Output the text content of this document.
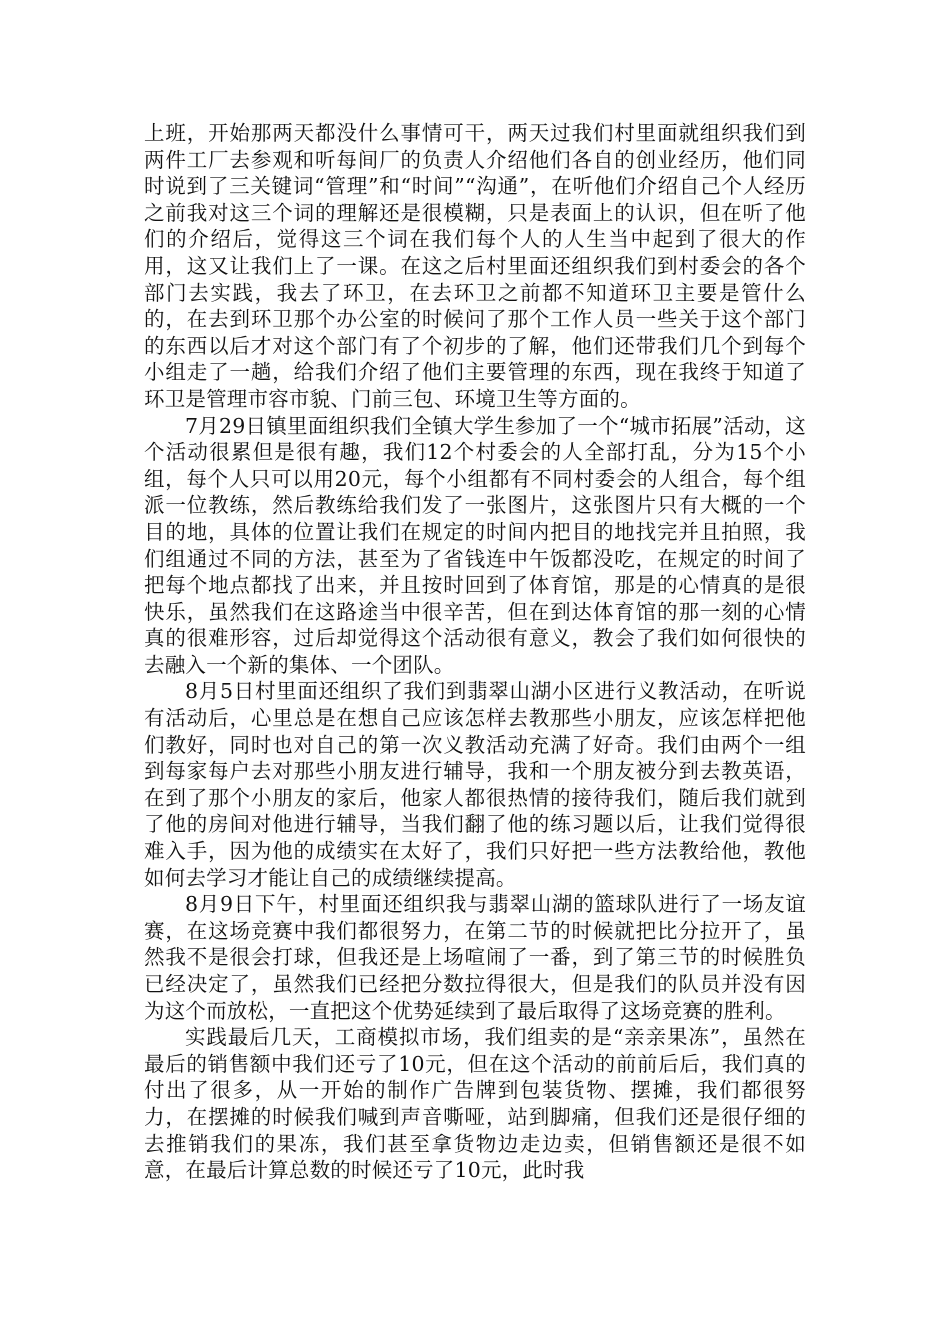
上班，开始那两天都没什么事情可干，两天过我们村里面就组织我们到 两件工厂去参观和听每间厂的负责人介绍他们各自的创业经历，他们同时说到了三关键词“管理”和“时间”“沟通”，在听他们介绍自己个人经历之前我对这三个词的理解还是很模糊，只是表面上的认识，但在听了他们的介绍后，觉得这三个词在我们每个人的人生当中起到了很大的作用，这又让我们上了一课。在这之后村里面还组织我们到村委会的各个部门去实践，我去了环卫，在去环卫之前都不知道环卫主要是管什么的，在去到环卫那个办公室的时候问了那个工作人员一些关于这个部门的东西以后才对这个部门有了个初步的了解，他们还带我们几个到每个小组走了一趟，给我们介绍了他们主要管理的东西，现在我终于知道了环卫是管理市容市貌、门前三包、环境卫生等方面的。

7月29日镇里面组织我们全镇大学生参加了一个“城市拓展”活动，这个活动很累但是很有趣，我们12个村委会的人全部打乱，分为15个小组，每个人只可以用20元，每个小组都有不同村委会的人组合，每个组派一位教练，然后教练给我们发了一张图片，这张图片只有大概的一个目的地，具体的位置让我们在规定的时间内把目的地找完并且拍照，我们组通过不同的方法，甚至为了省钱连中午饭都没吃，在规定的时间了把每个地点都找了出来，并且按时回到了体育馆，那是的心情真的是很快乐，虽然我们在这路途当中很辛苦，但在到达体育馆的那一刻的心情真的很难形容，过后却觉得这个活动很有意义，教会了我们如何很快的去融入一个新的集体、一个团队。

8月5日村里面还组织了我们到翡翠山湖小区进行义教活动，在听说有活动后，心里总是在想自己应该怎样去教那些小朋友，应该怎样把他们教好，同时也对自己的第一次义教活动充满了好奇。我们由两个一组到每家每户去对那些小朋友进行辅导，我和一个朋友被分到去教英语，在到了那个小朋友的家后，他家人都很热情的接待我们，随后我们就到了他的房间对他进行辅导，当我们翻了他的练习题以后，让我们觉得很难入手，因为他的成绩实在太好了，我们只好把一些方法教给他，教他如何去学习才能让自己的成绩继续提高。

8月9日下午，村里面还组织我与翡翠山湖的篮球队进行了一场友谊赛，在这场竞赛中我们都很努力，在第二节的时候就把比分拉开了，虽然我不是很会打球，但我还是上场喧闹了一番，到了第三节的时候胜负已经决定了，虽然我们已经把分数拉得很大，但是我们的队员并没有因为这个而放松，一直把这个优势延续到了最后取得了这场竞赛的胜利。

实践最后几天，工商模拟市场，我们组卖的是“亲亲果冻”，虽然在最后的销售额中我们还亏了10元，但在这个活动的前前后后，我们真的付出了很多，从一开始的制作广告牌到包装货物、摆摊，我们都很努力，在摆摊的时候我们喊到声音嘶哑，站到脚痛，但我们还是很仔细的去推销我们的果冻，我们甚至拿货物边走边卖，但销售额还是很不如意，在最后计算总数的时候还亏了10元，此时我
